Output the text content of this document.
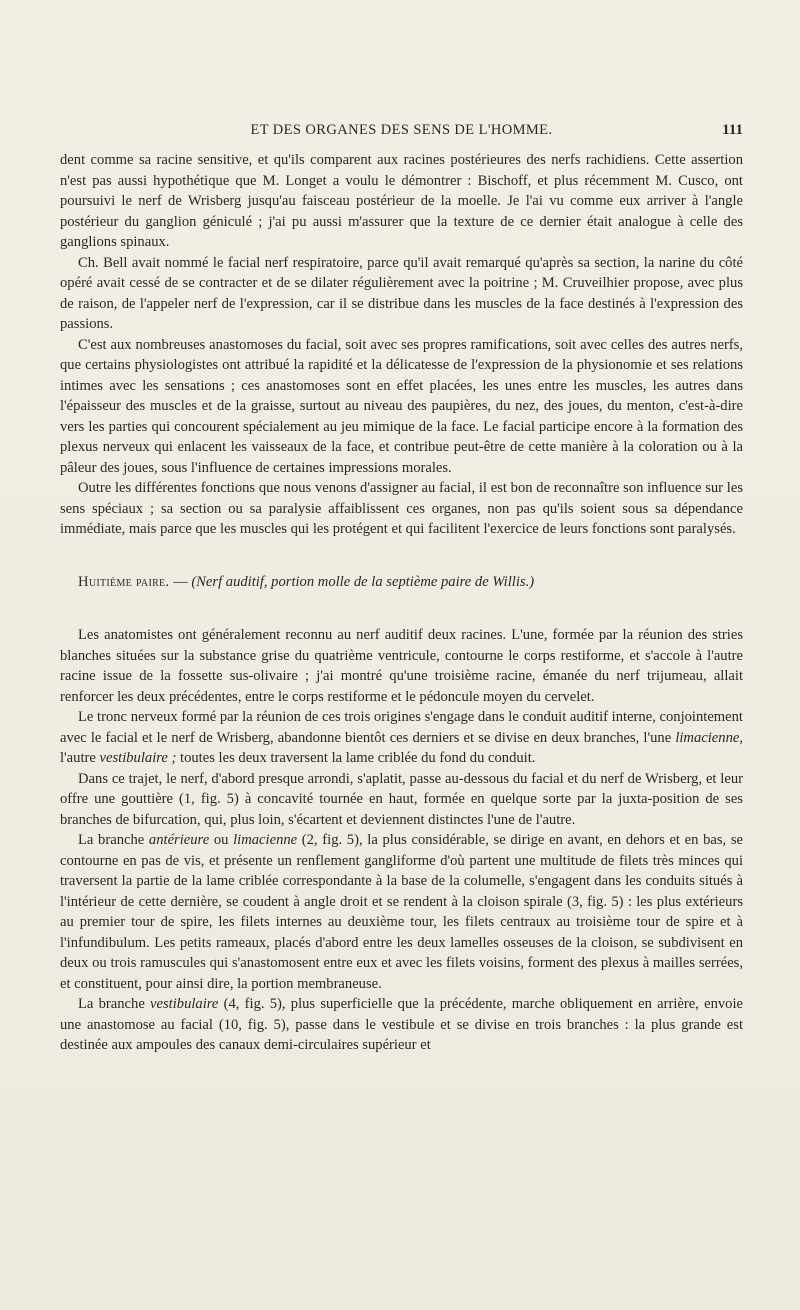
ET DES ORGANES DES SENS DE L'HOMME.	111

dent comme sa racine sensitive, et qu'ils comparent aux racines postérieures des nerfs rachidiens. Cette assertion n'est pas aussi hypothétique que M. Longet a voulu le démontrer : Bischoff, et plus récemment M. Cusco, ont poursuivi le nerf de Wrisberg jusqu'au faisceau postérieur de la moelle. Je l'ai vu comme eux arriver à l'angle postérieur du ganglion géniculé ; j'ai pu aussi m'assurer que la texture de ce dernier était analogue à celle des ganglions spinaux.

Ch. Bell avait nommé le facial nerf respiratoire, parce qu'il avait remarqué qu'après sa section, la narine du côté opéré avait cessé de se contracter et de se dilater régulièrement avec la poitrine ; M. Cruveilhier propose, avec plus de raison, de l'appeler nerf de l'expression, car il se distribue dans les muscles de la face destinés à l'expression des passions.

C'est aux nombreuses anastomoses du facial, soit avec ses propres ramifications, soit avec celles des autres nerfs, que certains physiologistes ont attribué la rapidité et la délicatesse de l'expression de la physionomie et ses relations intimes avec les sensations ; ces anastomoses sont en effet placées, les unes entre les muscles, les autres dans l'épaisseur des muscles et de la graisse, surtout au niveau des paupières, du nez, des joues, du menton, c'est-à-dire vers les parties qui concourent spécialement au jeu mimique de la face. Le facial participe encore à la formation des plexus nerveux qui enlacent les vaisseaux de la face, et contribue peut-être de cette manière à la coloration ou à la pâleur des joues, sous l'influence de certaines impressions morales.

Outre les différentes fonctions que nous venons d'assigner au facial, il est bon de reconnaître son influence sur les sens spéciaux ; sa section ou sa paralysie affaiblissent ces organes, non pas qu'ils soient sous sa dépendance immédiate, mais parce que les muscles qui les protégent et qui facilitent l'exercice de leurs fonctions sont paralysés.

Huitième paire. — (Nerf auditif, portion molle de la septième paire de Willis.)

Les anatomistes ont généralement reconnu au nerf auditif deux racines. L'une, formée par la réunion des stries blanches situées sur la substance grise du quatrième ventricule, contourne le corps restiforme, et s'accole à l'autre racine issue de la fossette sus-olivaire ; j'ai montré qu'une troisième racine, émanée du nerf trijumeau, allait renforcer les deux précédentes, entre le corps restiforme et le pédoncule moyen du cervelet.

Le tronc nerveux formé par la réunion de ces trois origines s'engage dans le conduit auditif interne, conjointement avec le facial et le nerf de Wrisberg, abandonne bientôt ces derniers et se divise en deux branches, l'une limacienne, l'autre vestibulaire ; toutes les deux traversent la lame criblée du fond du conduit.

Dans ce trajet, le nerf, d'abord presque arrondi, s'aplatit, passe au-dessous du facial et du nerf de Wrisberg, et leur offre une gouttière (1, fig. 5) à concavité tournée en haut, formée en quelque sorte par la juxta-position de ses branches de bifurcation, qui, plus loin, s'écartent et deviennent distinctes l'une de l'autre.

La branche antérieure ou limacienne (2, fig. 5), la plus considérable, se dirige en avant, en dehors et en bas, se contourne en pas de vis, et présente un renflement gangliforme d'où partent une multitude de filets très minces qui traversent la partie de la lame criblée correspondante à la base de la columelle, s'engagent dans les conduits situés à l'intérieur de cette dernière, se coudent à angle droit et se rendent à la cloison spirale (3, fig. 5) : les plus extérieurs au premier tour de spire, les filets internes au deuxième tour, les filets centraux au troisième tour de spire et à l'infundibulum. Les petits rameaux, placés d'abord entre les deux lamelles osseuses de la cloison, se subdivisent en deux ou trois ramuscules qui s'anastomosent entre eux et avec les filets voisins, forment des plexus à mailles serrées, et constituent, pour ainsi dire, la portion membraneuse.

La branche vestibulaire (4, fig. 5), plus superficielle que la précédente, marche obliquement en arrière, envoie une anastomose au facial (10, fig. 5), passe dans le vestibule et se divise en trois branches : la plus grande est destinée aux ampoules des canaux demi-circulaires supérieur et
